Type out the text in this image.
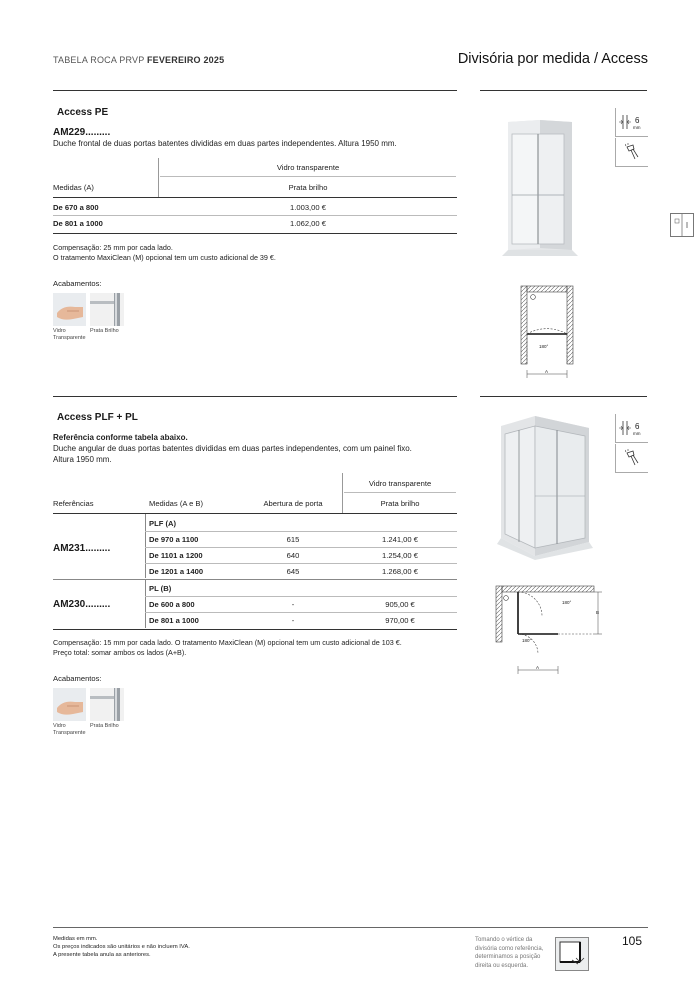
TABELA ROCA PRVP FEVEREIRO 2025	Divisória por medida / Access
Access PE
AM229.........
Duche frontal de duas portas batentes divididas em duas partes independentes. Altura 1950 mm.
Vidro transparente
Medidas (A)	Prata brilho
De 670 a 800	1.003,00 €
De 801 a 1000	1.062,00 €
Compensação: 25 mm por cada lado.
O tratamento MaxiClean (M) opcional tem um custo adicional de 39 €.
Acabamentos:
Vidro Transparente
Prata Brilho
6
mm
180°
A
Access PLF + PL
Referência conforme tabela abaixo.
Duche angular de duas portas batentes divididas em duas partes independentes, com um painel fixo.
Altura 1950 mm.
Vidro transparente
Referências	Medidas (A e B)	Abertura de porta	Prata brilho
AM231.........
PLF (A)
De 970 a 1100	615	1.241,00 €
De 1101 a 1200	640	1.254,00 €
De 1201 a 1400	645	1.268,00 €
AM230.........
PL (B)
De 600 a 800	-	905,00 €
De 801 a 1000	-	970,00 €
Compensação: 15 mm por cada lado. O tratamento MaxiClean (M) opcional tem um custo adicional de 103 €.
Preço total: somar ambos os lados (A+B).
Acabamentos:
Vidro Transparente
Prata Brilho
6
mm
180°
180°
A
B
Medidas em mm.
Os preços indicados são unitários e não incluem IVA.
A presente tabela anula as anteriores.
Tomando o vértice da
divisória como referência,
determinamos a posição
direita ou esquerda.
105
